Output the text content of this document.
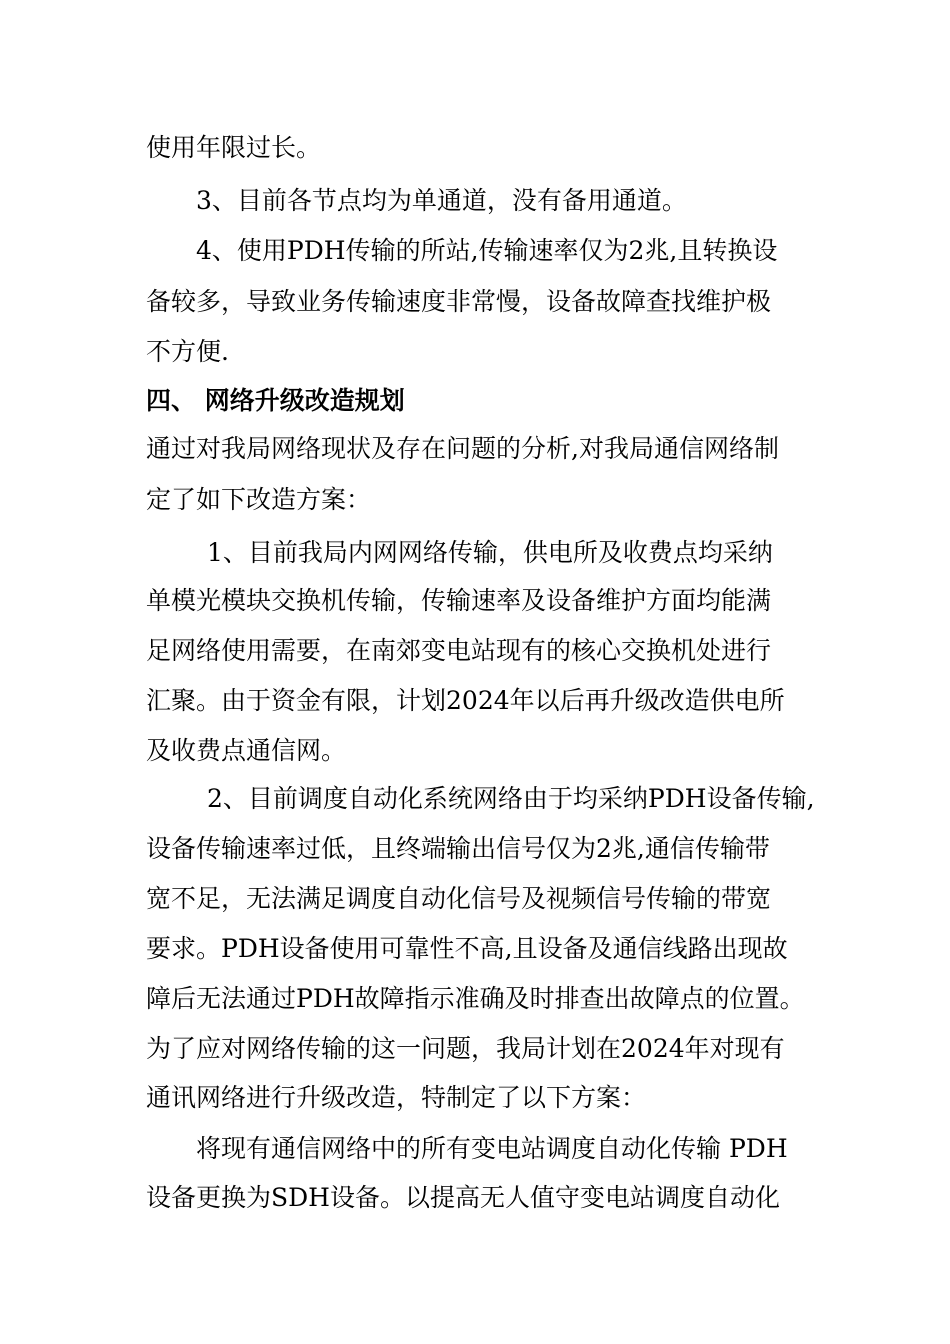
使用年限过长。
3、目前各节点均为单通道，没有备用通道。
4、使用PDH传输的所站,传输速率仅为2兆,且转换设
备较多，导致业务传输速度非常慢，设备故障查找维护极
不方便.
四、 网络升级改造规划
通过对我局网络现状及存在问题的分析,对我局通信网络制
定了如下改造方案：
1、目前我局内网网络传输，供电所及收费点均采纳
单模光模块交换机传输，传输速率及设备维护方面均能满
足网络使用需要，在南郊变电站现有的核心交换机处进行
汇聚。由于资金有限，计划2024年以后再升级改造供电所
及收费点通信网。
2、目前调度自动化系统网络由于均采纳PDH设备传输,
设备传输速率过低，且终端输出信号仅为2兆,通信传输带
宽不足，无法满足调度自动化信号及视频信号传输的带宽
要求。PDH设备使用可靠性不高,且设备及通信线路出现故
障后无法通过PDH故障指示准确及时排查出故障点的位置。
为了应对网络传输的这一问题，我局计划在2024年对现有
通讯网络进行升级改造，特制定了以下方案：
将现有通信网络中的所有变电站调度自动化传输 PDH
设备更换为SDH设备。以提高无人值守变电站调度自动化
